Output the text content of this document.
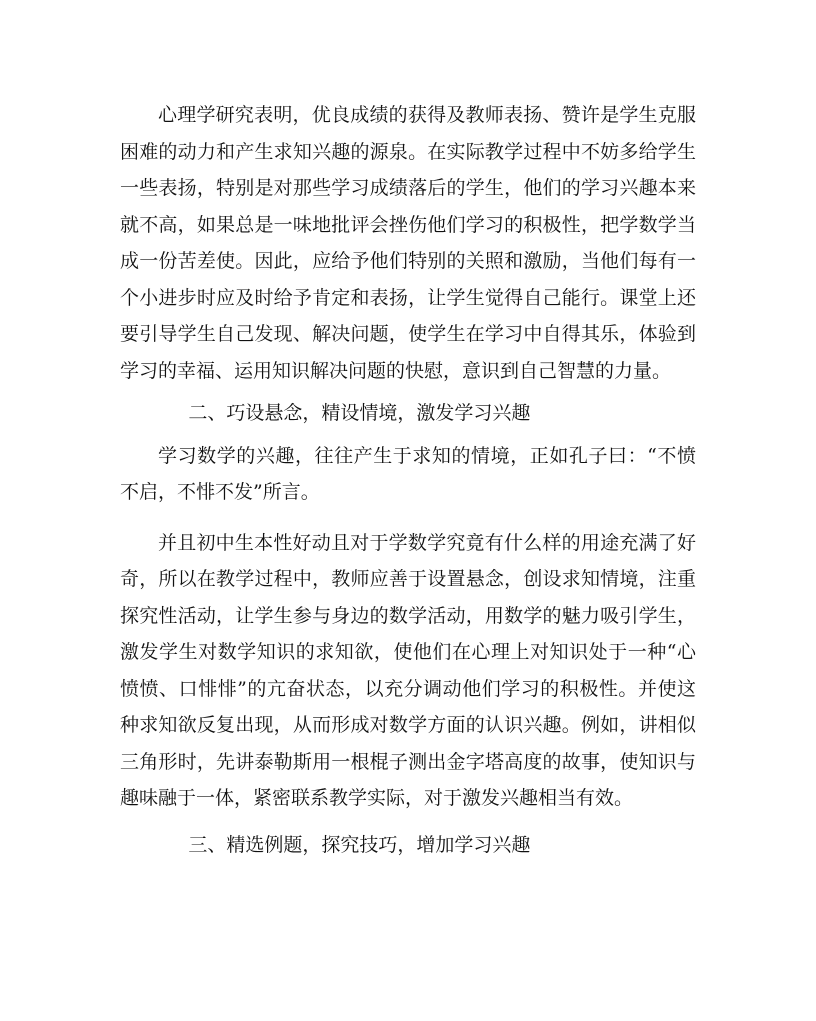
心理学研究表明，优良成绩的获得及教师表扬、赞许是学生克服困难的动力和产生求知兴趣的源泉。在实际教学过程中不妨多给学生一些表扬，特别是对那些学习成绩落后的学生，他们的学习兴趣本来就不高，如果总是一味地批评会挫伤他们学习的积极性，把学数学当成一份苦差使。因此，应给予他们特别的关照和激励，当他们每有一个小进步时应及时给予肯定和表扬，让学生觉得自己能行。课堂上还要引导学生自己发现、解决问题，使学生在学习中自得其乐，体验到学习的幸福、运用知识解决问题的快慰，意识到自己智慧的力量。

二、巧设悬念，精设情境，激发学习兴趣

学习数学的兴趣，往往产生于求知的情境，正如孔子曰：“不愤不启，不悱不发”所言。

并且初中生本性好动且对于学数学究竟有什么样的用途充满了好奇，所以在教学过程中，教师应善于设置悬念，创设求知情境，注重探究性活动，让学生参与身边的数学活动，用数学的魅力吸引学生，激发学生对数学知识的求知欲，使他们在心理上对知识处于一种“心愤愤、口悱悱”的亢奋状态，以充分调动他们学习的积极性。并使这种求知欲反复出现，从而形成对数学方面的认识兴趣。例如，讲相似三角形时，先讲泰勒斯用一根棍子测出金字塔高度的故事，使知识与趣味融于一体，紧密联系教学实际，对于激发兴趣相当有效。

三、精选例题，探究技巧，增加学习兴趣
